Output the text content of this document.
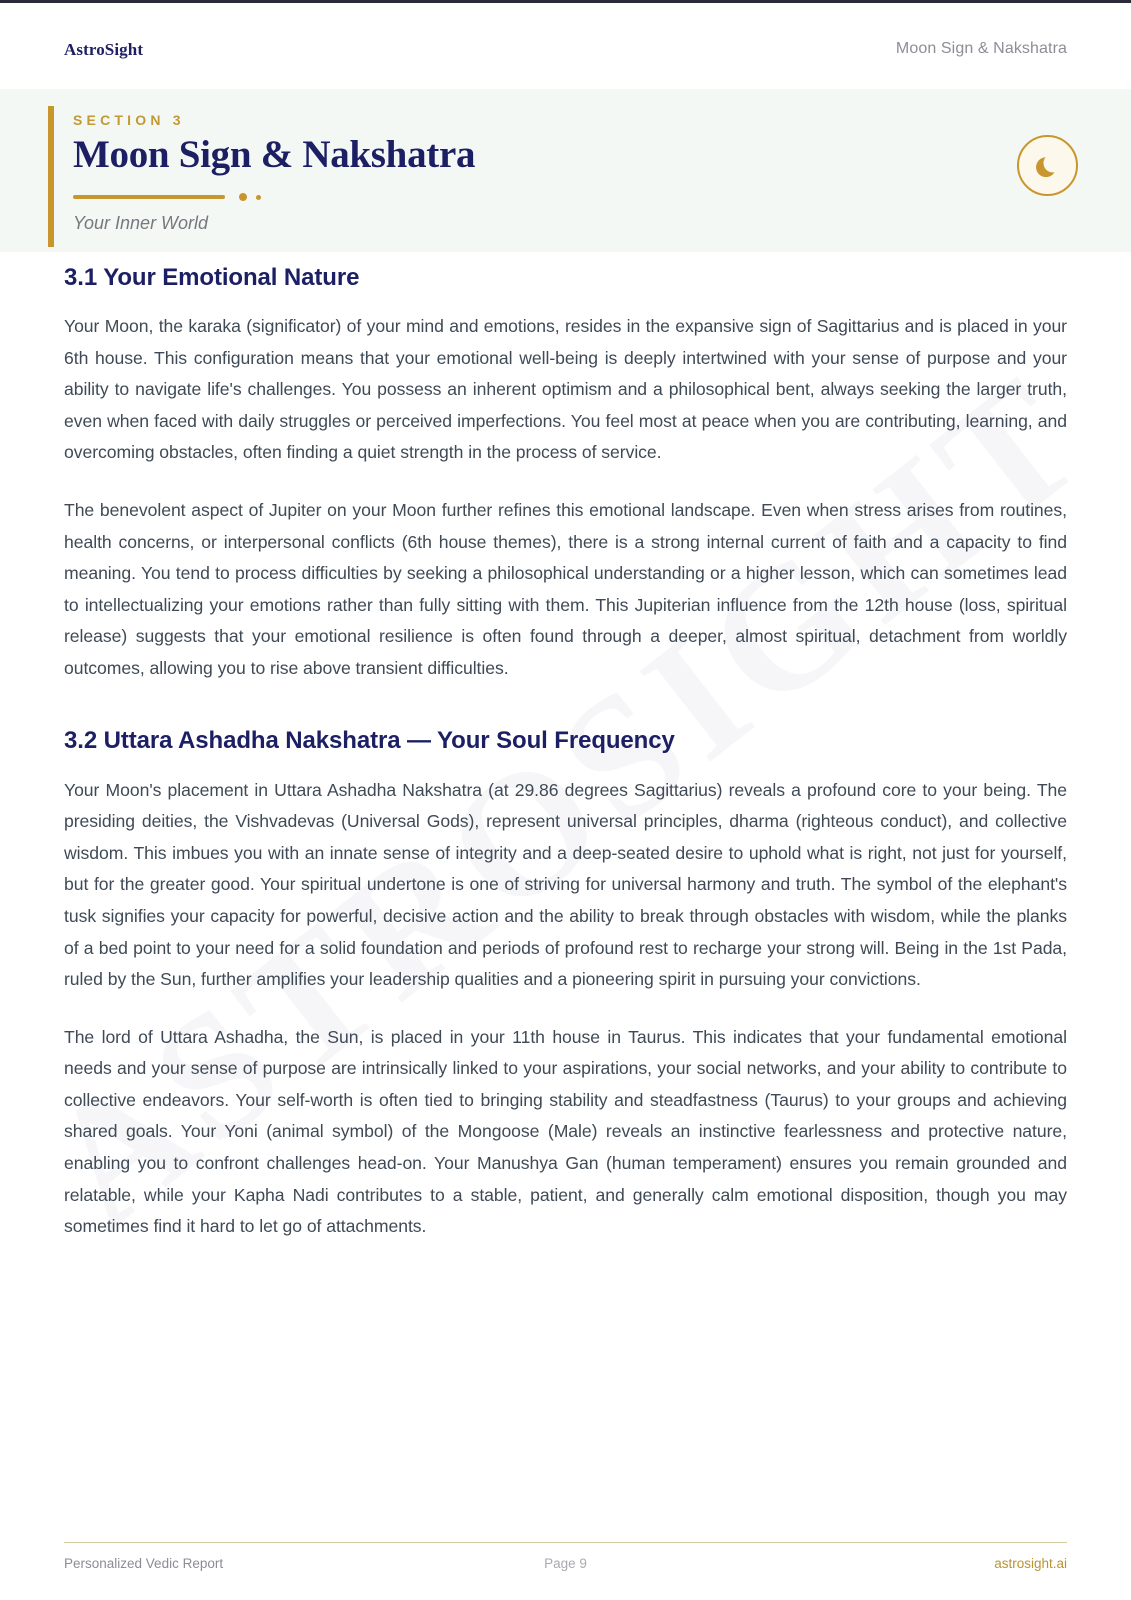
AstroSight	Moon Sign & Nakshatra
SECTION 3
Moon Sign & Nakshatra
Your Inner World
3.1 Your Emotional Nature

Your Moon, the karaka (significator) of your mind and emotions, resides in the expansive sign of Sagittarius and is placed in your 6th house. This configuration means that your emotional well-being is deeply intertwined with your sense of purpose and your ability to navigate life's challenges. You possess an inherent optimism and a philosophical bent, always seeking the larger truth, even when faced with daily struggles or perceived imperfections. You feel most at peace when you are contributing, learning, and overcoming obstacles, often finding a quiet strength in the process of service.

The benevolent aspect of Jupiter on your Moon further refines this emotional landscape. Even when stress arises from routines, health concerns, or interpersonal conflicts (6th house themes), there is a strong internal current of faith and a capacity to find meaning. You tend to process difficulties by seeking a philosophical understanding or a higher lesson, which can sometimes lead to intellectualizing your emotions rather than fully sitting with them. This Jupiterian influence from the 12th house (loss, spiritual release) suggests that your emotional resilience is often found through a deeper, almost spiritual, detachment from worldly outcomes, allowing you to rise above transient difficulties.

3.2 Uttara Ashadha Nakshatra — Your Soul Frequency

Your Moon's placement in Uttara Ashadha Nakshatra (at 29.86 degrees Sagittarius) reveals a profound core to your being. The presiding deities, the Vishvadevas (Universal Gods), represent universal principles, dharma (righteous conduct), and collective wisdom. This imbues you with an innate sense of integrity and a deep-seated desire to uphold what is right, not just for yourself, but for the greater good. Your spiritual undertone is one of striving for universal harmony and truth. The symbol of the elephant's tusk signifies your capacity for powerful, decisive action and the ability to break through obstacles with wisdom, while the planks of a bed point to your need for a solid foundation and periods of profound rest to recharge your strong will. Being in the 1st Pada, ruled by the Sun, further amplifies your leadership qualities and a pioneering spirit in pursuing your convictions.

The lord of Uttara Ashadha, the Sun, is placed in your 11th house in Taurus. This indicates that your fundamental emotional needs and your sense of purpose are intrinsically linked to your aspirations, your social networks, and your ability to contribute to collective endeavors. Your self-worth is often tied to bringing stability and steadfastness (Taurus) to your groups and achieving shared goals. Your Yoni (animal symbol) of the Mongoose (Male) reveals an instinctive fearlessness and protective nature, enabling you to confront challenges head-on. Your Manushya Gan (human temperament) ensures you remain grounded and relatable, while your Kapha Nadi contributes to a stable, patient, and generally calm emotional disposition, though you may sometimes find it hard to let go of attachments.

Personalized Vedic Report	Page 9	astrosight.ai
